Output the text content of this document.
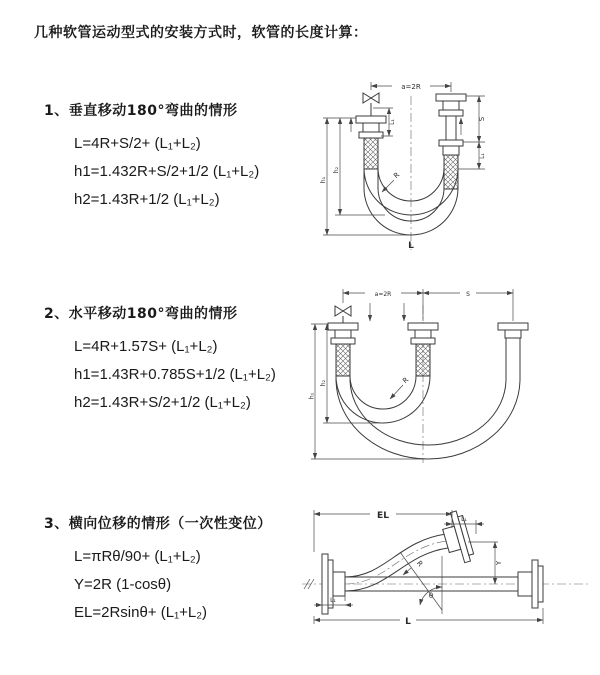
几种软管运动型式的安装方式时，软管的长度计算：
1、垂直移动180°弯曲的情形
L=4R+S/2+ (L₁+L₂)
h1=1.432R+S/2+1/2 (L₁+L₂)
h2=1.43R+1/2 (L₁+L₂)
a=2R
S
L₁
L₁
h₁
h₂
R
L
2、水平移动180°弯曲的情形
L=4R+1.57S+ (L₁+L₂)
h1=1.43R+0.785S+1/2 (L₁+L₂)
h2=1.43R+S/2+1/2 (L₁+L₂)
a=2R	S
h₁
h₂	R
3、横向位移的情形（一次性变位）
L=πRθ/90+ (L₁+L₂)
Y=2R (1-cosθ)
EL=2Rsinθ+ (L₁+L₂)
EL	L₁
Y
θ
R
L₁
L
